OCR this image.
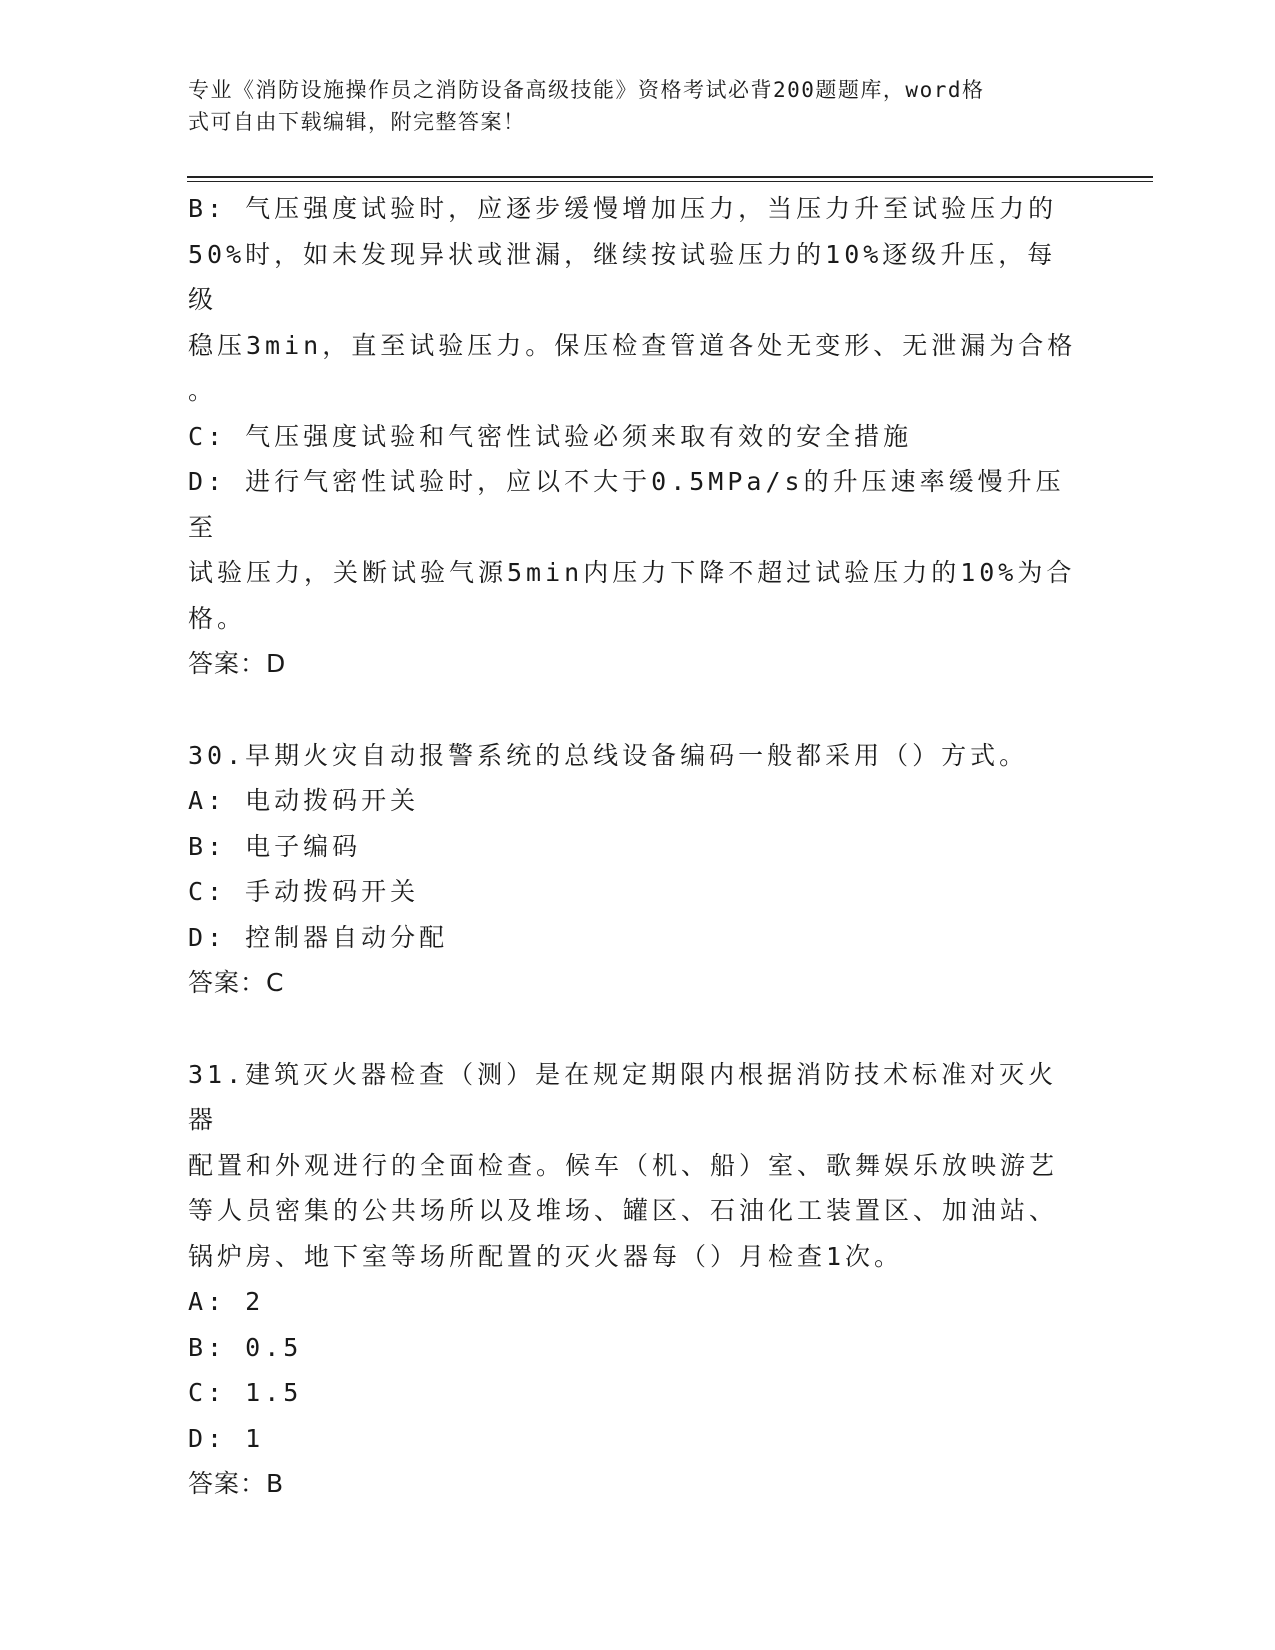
专业《消防设施操作员之消防设备高级技能》资格考试必背200题题库，word格
式可自由下载编辑，附完整答案！
B: 气压强度试验时，应逐步缓慢增加压力，当压力升至试验压力的
50%时，如未发现异状或泄漏，继续按试验压力的10%逐级升压，每级
稳压3min，直至试验压力。保压检查管道各处无变形、无泄漏为合格
。
C: 气压强度试验和气密性试验必须来取有效的安全措施
D: 进行气密性试验时，应以不大于0.5MPa/s的升压速率缓慢升压至
试验压力，关断试验气源5min内压力下降不超过试验压力的10%为合
格。
答案：D
30.早期火灾自动报警系统的总线设备编码一般都采用（）方式。
A: 电动拨码开关
B: 电子编码
C: 手动拨码开关
D: 控制器自动分配
答案：C
31.建筑灭火器检查（测）是在规定期限内根据消防技术标准对灭火器
配置和外观进行的全面检查。候车（机、船）室、歌舞娱乐放映游艺
等人员密集的公共场所以及堆场、罐区、石油化工装置区、加油站、
锅炉房、地下室等场所配置的灭火器每（）月检查1次。
A: 2
B: 0.5
C: 1.5
D: 1
答案：B
